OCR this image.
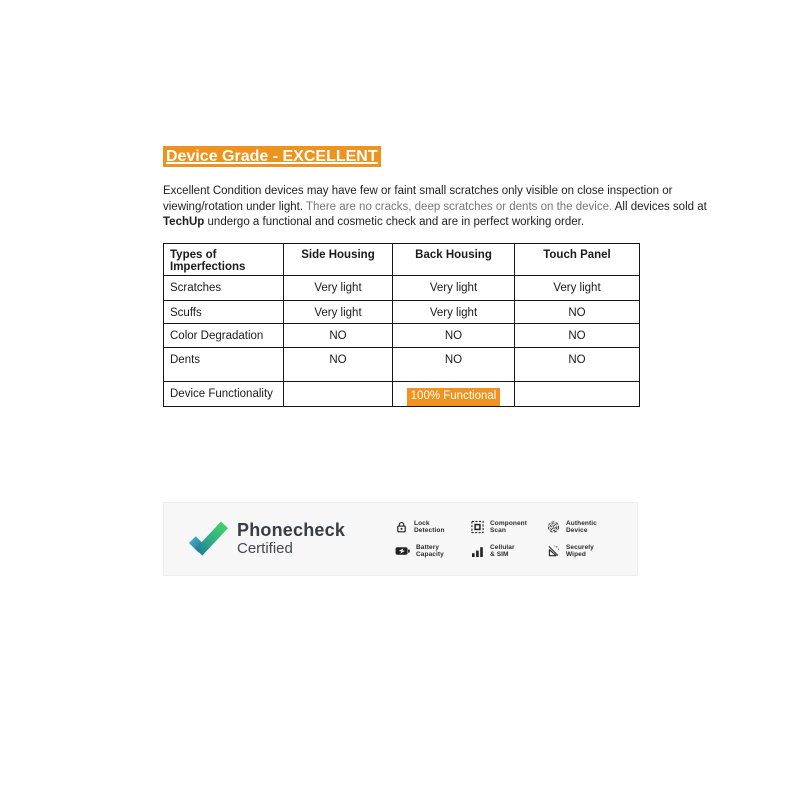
Device Grade - EXCELLENT
Excellent Condition devices may have few or faint small scratches only visible on close inspection or
viewing/rotation under light. There are no cracks, deep scratches or dents on the device. All devices sold at
TechUp undergo a functional and cosmetic check and are in perfect working order.
Types of Imperfections	Side Housing	Back Housing	Touch Panel
Scratches	Very light	Very light	Very light
Scuffs	Very light	Very light	NO
Color Degradation	NO	NO	NO
Dents	NO	NO	NO
Device Functionality		100% Functional	
Phonecheck
Certified
Lock
Detection
Component
Scan
Authentic
Device
Battery
Capacity
Cellular
& SIM
Securely
Wiped
